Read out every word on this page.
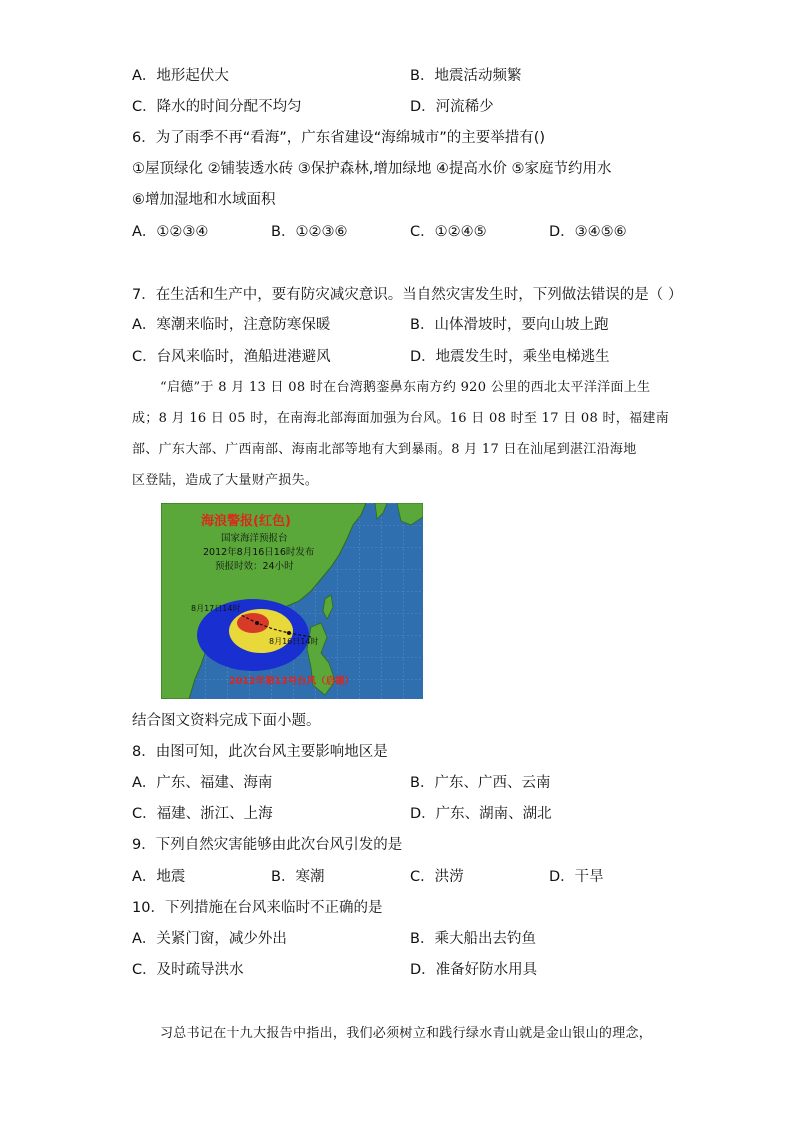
A．地形起伏大	B．地震活动频繁
C．降水的时间分配不均匀	D．河流稀少
6．为了雨季不再“看海”，广东省建设“海绵城市”的主要举措有()
①屋顶绿化 ②铺装透水砖 ③保护森林,增加绿地 ④提高水价 ⑤家庭节约用水
⑥增加湿地和水域面积
A．①②③④	B．①②③⑥	C．①②④⑤	D．③④⑤⑥
7．在生活和生产中，要有防灾减灾意识。当自然灾害发生时，下列做法错误的是（ ）
A．寒潮来临时，注意防寒保暖	B．山体滑坡时，要向山坡上跑
C．台风来临时，渔船进港避风	D．地震发生时，乘坐电梯逃生
“启德”于 8 月 13 日 08 时在台湾鹅銮鼻东南方约 920 公里的西北太平洋洋面上生
成；8 月 16 日 05 时，在南海北部海面加强为台风。16 日 08 时至 17 日 08 时，福建南
部、广东大部、广西南部、海南北部等地有大到暴雨。8 月 17 日在汕尾到湛江沿海地
区登陆，造成了大量财产损失。
海浪警报(红色)
国家海洋预报台
2012年8月16日16时发布
预报时效：24小时
8月17日14时
8月16日14时
2012年第13号台风（启德）
结合图文资料完成下面小题。
8．由图可知，此次台风主要影响地区是
A．广东、福建、海南	B．广东、广西、云南
C．福建、浙江、上海	D．广东、湖南、湖北
9．下列自然灾害能够由此次台风引发的是
A．地震	B．寒潮	C．洪涝	D．干旱
10．下列措施在台风来临时不正确的是
A．关紧门窗，减少外出	B．乘大船出去钓鱼
C．及时疏导洪水	D．准备好防水用具
习总书记在十九大报告中指出，我们必须树立和践行绿水青山就是金山银山的理念，
